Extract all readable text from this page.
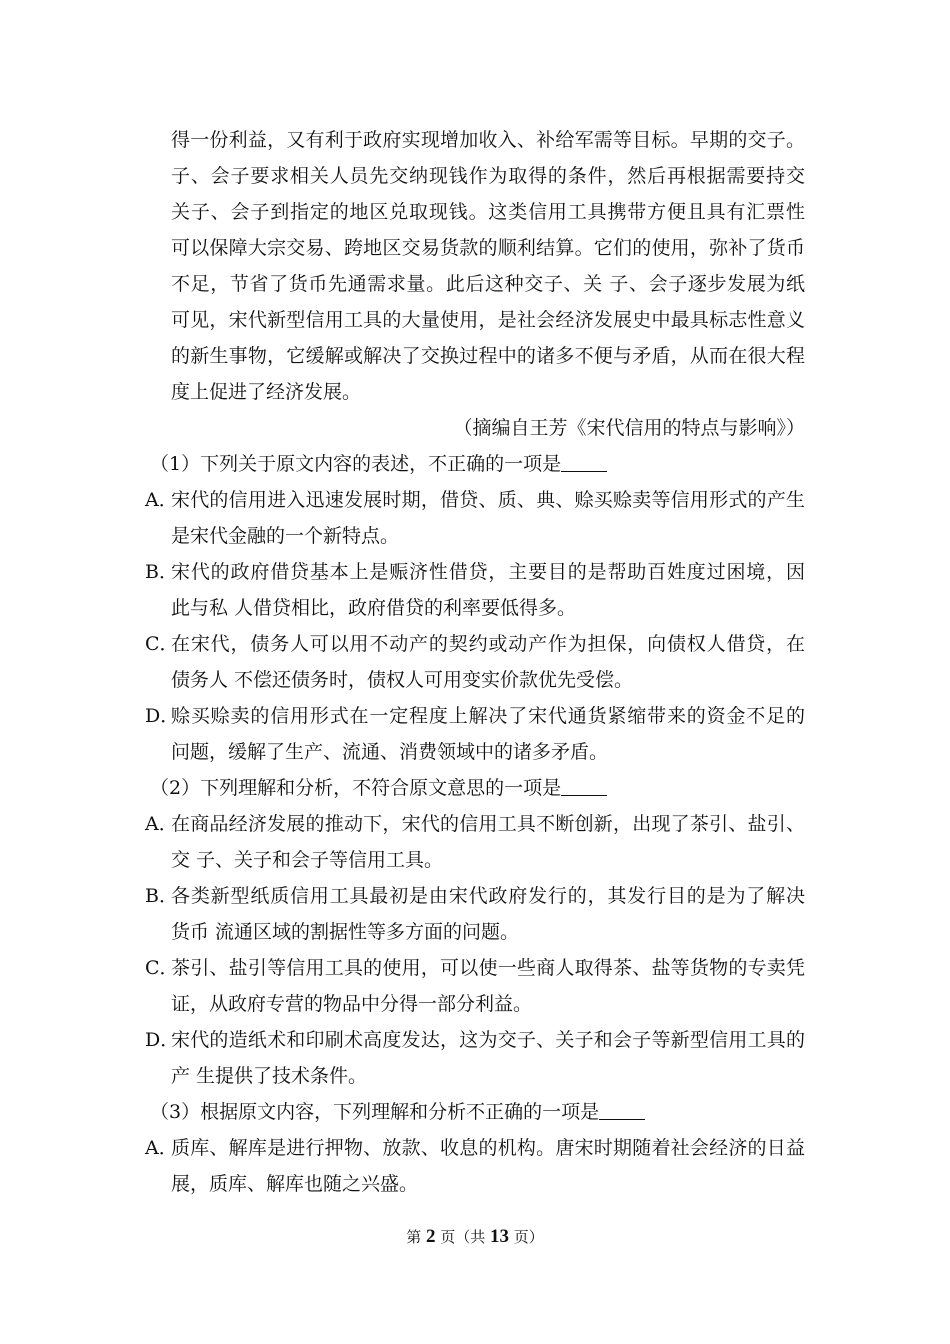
得一份利益，又有利于政府实现增加收入、补给军需等目标。早期的交子。
子、会子要求相关人员先交纳现钱作为取得的条件，然后再根据需要持交
关子、会子到指定的地区兑取现钱。这类信用工具携带方便且具有汇票性
可以保障大宗交易、跨地区交易货款的顺利结算。它们的使用，弥补了货币
不足，节省了货币先通需求量。此后这种交子、关 子、会子逐步发展为纸
可见，宋代新型信用工具的大量使用，是社会经济发展史中最具标志性意义
的新生事物，它缓解或解决了交换过程中的诸多不便与矛盾，从而在很大程
度上促进了经济发展。
（摘编自王芳《宋代信用的特点与影响》）
（1）下列关于原文内容的表述，不正确的一项是
A．
宋代的信用进入迅速发展时期，借贷、质、典、赊买赊卖等信用形式的产生
是宋代金融的一个新特点。
B．
宋代的政府借贷基本上是赈济性借贷，主要目的是帮助百姓度过困境，因
此与私 人借贷相比，政府借贷的利率要低得多。
C．
在宋代，债务人可以用不动产的契约或动产作为担保，向债权人借贷，在
债务人 不偿还债务时，债权人可用变实价款优先受偿。
D．
赊买赊卖的信用形式在一定程度上解决了宋代通货紧缩带来的资金不足的
问题，缓解了生产、流通、消费领域中的诸多矛盾。
（2）下列理解和分析，不符合原文意思的一项是
A．
在商品经济发展的推动下，宋代的信用工具不断创新，出现了茶引、盐引、
交 子、关子和会子等信用工具。
B．
各类新型纸质信用工具最初是由宋代政府发行的，其发行目的是为了解决
货币 流通区域的割据性等多方面的问题。
C．
茶引、盐引等信用工具的使用，可以使一些商人取得茶、盐等货物的专卖凭
证，从政府专营的物品中分得一部分利益。
D．
宋代的造纸术和印刷术高度发达，这为交子、关子和会子等新型信用工具的
产 生提供了技术条件。
（3）根据原文内容，下列理解和分析不正确的一项是
A．
质库、解库是进行押物、放款、收息的机构。唐宋时期随着社会经济的日益
展，质库、解库也随之兴盛。
第 2 页（共 13 页）
